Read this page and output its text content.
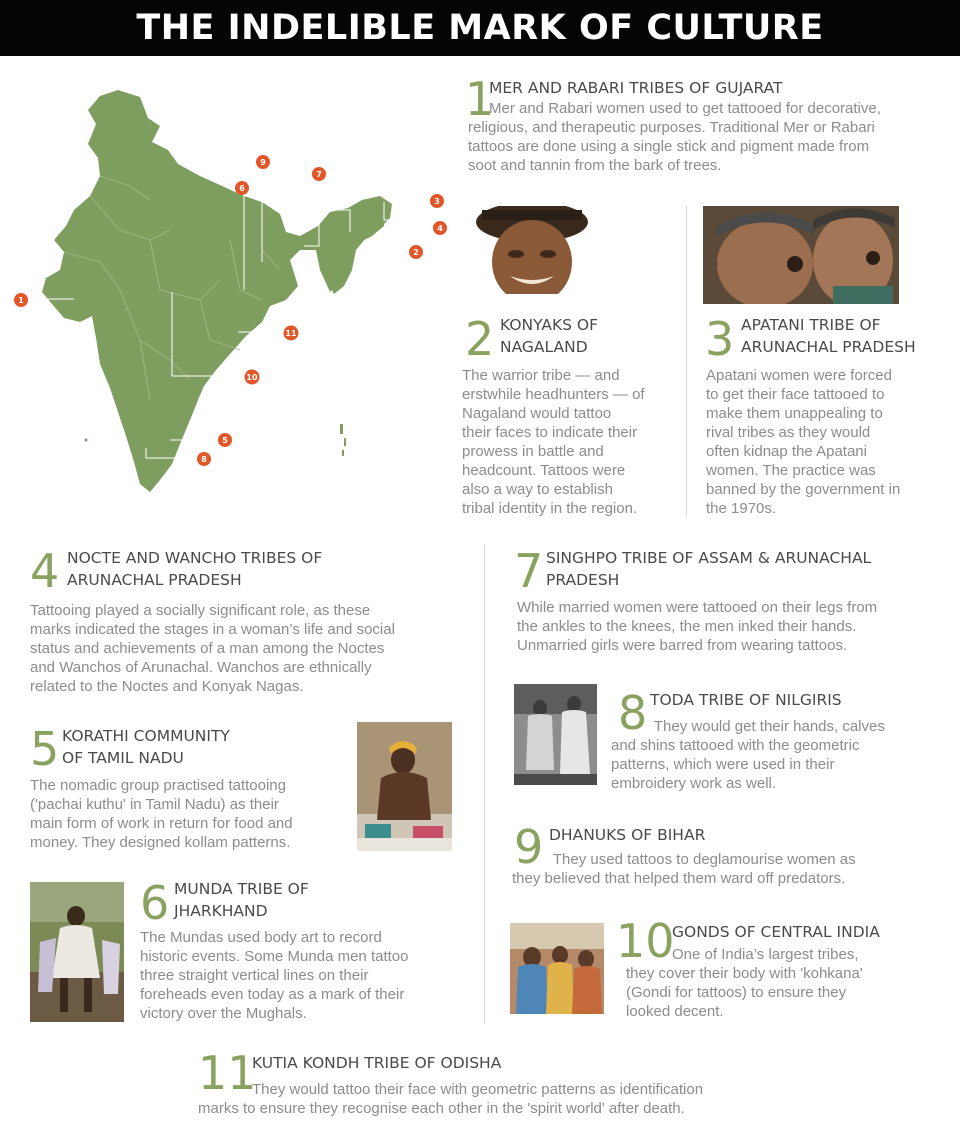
THE INDELIBLE MARK OF CULTURE
1
2
3
4
5
6
7
8
9
10
11
1
MER AND RABARI TRIBES OF GUJARAT
Mer and Rabari women used to get tattooed for decorative,
religious, and therapeutic purposes. Traditional Mer or Rabari
tattoos are done using a single stick and pigment made from
soot and tannin from the bark of trees.
2 KONYAKS OF
NAGALAND
The warrior tribe — and
erstwhile headhunters — of
Nagaland would tattoo
their faces to indicate their
prowess in battle and
headcount. Tattoos were
also a way to establish
tribal identity in the region.
3 APATANI TRIBE OF
ARUNACHAL PRADESH
Apatani women were forced
to get their face tattooed to
make them unappealing to
rival tribes as they would
often kidnap the Apatani
women. The practice was
banned by the government in
the 1970s.
4 NOCTE AND WANCHO TRIBES OF
ARUNACHAL PRADESH
Tattooing played a socially significant role, as these
marks indicated the stages in a woman’s life and social
status and achievements of a man among the Noctes
and Wanchos of Arunachal. Wanchos are ethnically
related to the Noctes and Konyak Nagas.
5 KORATHI COMMUNITY
OF TAMIL NADU
The nomadic group practised tattooing
('pachai kuthu' in Tamil Nadu) as their
main form of work in return for food and
money. They designed kollam patterns.
6 MUNDA TRIBE OF
JHARKHAND
The Mundas used body art to record
historic events. Some Munda men tattoo
three straight vertical lines on their
foreheads even today as a mark of their
victory over the Mughals.
7 SINGHPO TRIBE OF ASSAM & ARUNACHAL
PRADESH
While married women were tattooed on their legs from
the ankles to the knees, the men inked their hands.
Unmarried girls were barred from wearing tattoos.
8 TODA TRIBE OF NILGIRIS
They would get their hands, calves
and shins tattooed with the geometric
patterns, which were used in their
embroidery work as well.
9 DHANUKS OF BIHAR
They used tattoos to deglamourise women as
they believed that helped them ward off predators.
10
GONDS OF CENTRAL INDIA
One of India’s largest tribes,
they cover their body with 'kohkana'
(Gondi for tattoos) to ensure they
looked decent.
11
KUTIA KONDH TRIBE OF ODISHA
They would tattoo their face with geometric patterns as identification
marks to ensure they recognise each other in the 'spirit world' after death.
